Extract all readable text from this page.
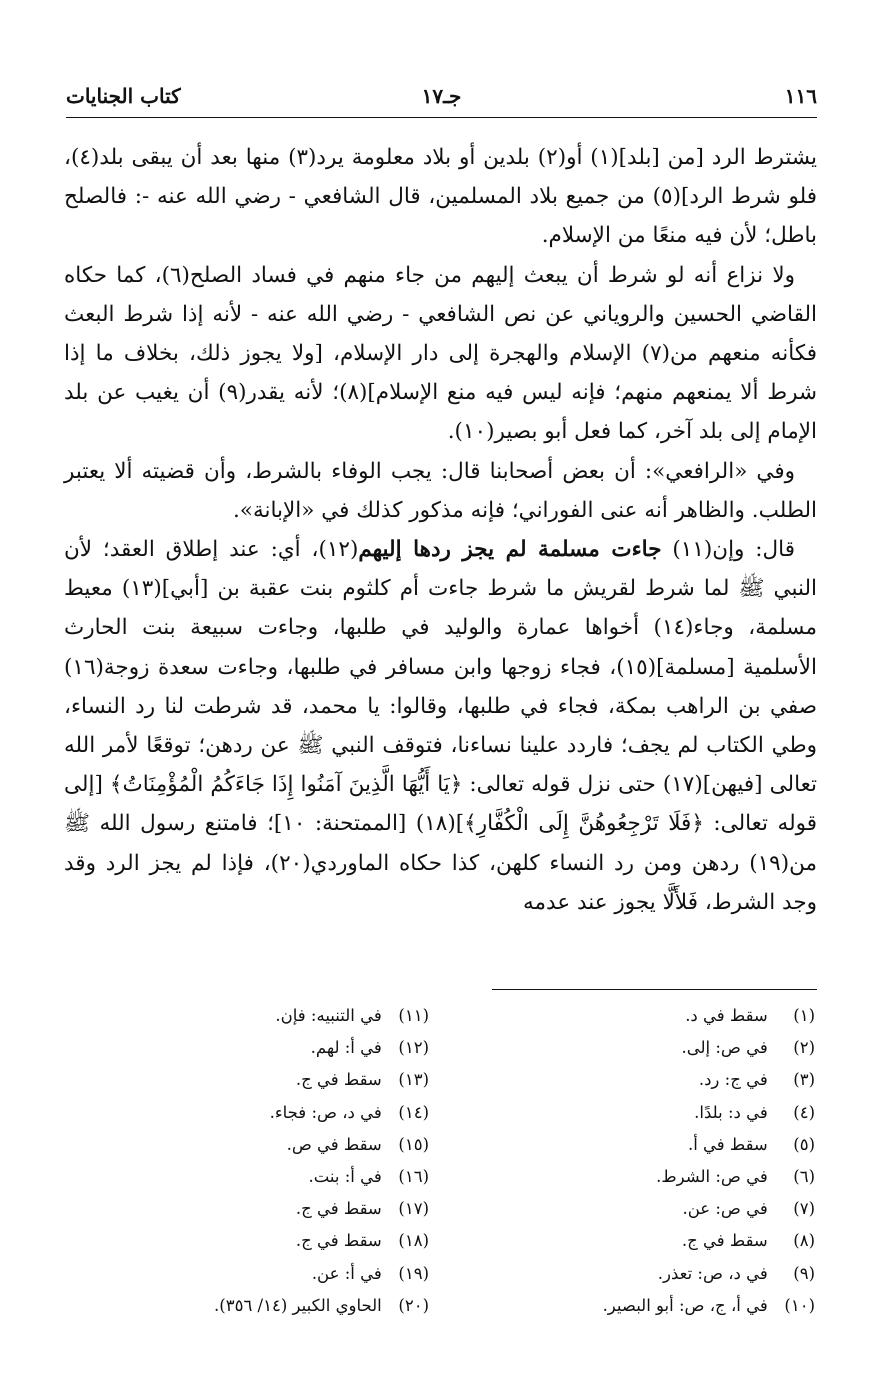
١١٦
جـ١٧
كتاب الجنايات

يشترط الرد [من [بلد](١) أو(٢) بلدين أو بلاد معلومة يرد(٣) منها بعد أن يبقى بلد(٤)، فلو شرط الرد](٥) من جميع بلاد المسلمين، قال الشافعي - رضي الله عنه -: فالصلح باطل؛ لأن فيه منعًا من الإسلام.

ولا نزاع أنه لو شرط أن يبعث إليهم من جاء منهم في فساد الصلح(٦)، كما حكاه القاضي الحسين والروياني عن نص الشافعي - رضي الله عنه - لأنه إذا شرط البعث فكأنه منعهم من(٧) الإسلام والهجرة إلى دار الإسلام، [ولا يجوز ذلك، بخلاف ما إذا شرط ألا يمنعهم منهم؛ فإنه ليس فيه منع الإسلام](٨)؛ لأنه يقدر(٩) أن يغيب عن بلد الإمام إلى بلد آخر، كما فعل أبو بصير(١٠).

وفي «الرافعي»: أن بعض أصحابنا قال: يجب الوفاء بالشرط، وأن قضيته ألا يعتبر الطلب. والظاهر أنه عنى الفوراني؛ فإنه مذكور كذلك في «الإبانة».

قال: وإن(١١) جاءت مسلمة لم يجز ردها إليهم(١٢)، أي: عند إطلاق العقد؛ لأن النبي ﷺ لما شرط لقريش ما شرط جاءت أم كلثوم بنت عقبة بن [أبي](١٣) معيط مسلمة، وجاء(١٤) أخواها عمارة والوليد في طلبها، وجاءت سبيعة بنت الحارث الأسلمية [مسلمة](١٥)، فجاء زوجها وابن مسافر في طلبها، وجاءت سعدة زوجة(١٦) صفي بن الراهب بمكة، فجاء في طلبها، وقالوا: يا محمد، قد شرطت لنا رد النساء، وطي الكتاب لم يجف؛ فاردد علينا نساءنا، فتوقف النبي ﷺ عن ردهن؛ توقعًا لأمر الله تعالى [فيهن](١٧) حتى نزل قوله تعالى: ﴿يَا أَيُّهَا الَّذِينَ آمَنُوا إِذَا جَاءَكُمُ الْمُؤْمِنَاتُ﴾ [إلى قوله تعالى: ﴿فَلَا تَرْجِعُوهُنَّ إِلَى الْكُفَّارِ﴾](١٨) [الممتحنة: ١٠]؛ فامتنع رسول الله ﷺ من(١٩) ردهن ومن رد النساء كلهن، كذا حكاه الماوردي(٢٠)، فإذا لم يجز الرد وقد وجد الشرط، فَلأَلَّا يجوز عند عدمه

(١) سقط في د.
(٢) في ص: إلى.
(٣) في ج: رد.
(٤) في د: بلدًا.
(٥) سقط في أ.
(٦) في ص: الشرط.
(٧) في ص: عن.
(٨) سقط في ج.
(٩) في د، ص: تعذر.
(١٠) في أ، ج، ص: أبو البصير.
(١١) في التنبيه: فإن.
(١٢) في أ: لهم.
(١٣) سقط في ج.
(١٤) في د، ص: فجاء.
(١٥) سقط في ص.
(١٦) في أ: بنت.
(١٧) سقط في ج.
(١٨) سقط في ج.
(١٩) في أ: عن.
(٢٠) الحاوي الكبير (١٤/ ٣٥٦).
